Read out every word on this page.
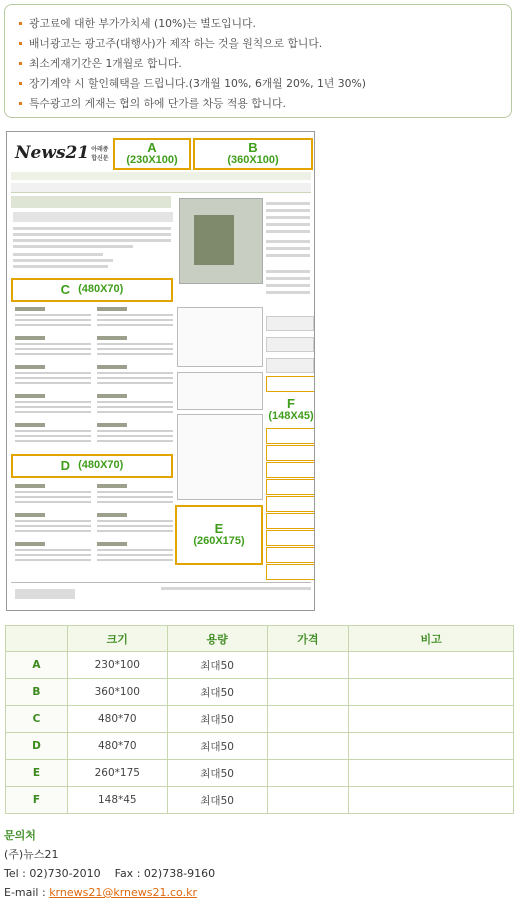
광고료에 대한 부가가치세 (10%)는 별도입니다.
배너광고는 광고주(대행사)가 제작 하는 것을 원칙으로 합니다.
최소게재기간은 1개월로 합니다.
장기계약 시 할인혜택을 드립니다.(3개월 10%, 6개월 20%, 1년 30%)
특수광고의 게재는 협의 하에 단가를 차등 적용 합니다.
News21 아래종합신문
A
(230X100)
B
(360X100)
C (480X70)
D (480X70)
E
(260X175)
F
(148X45)
	크기	용량	가격	비고
A	230*100	최대50		
B	360*100	최대50		
C	480*70	최대50		
D	480*70	최대50		
E	260*175	최대50		
F	148*45	최대50		
문의처
(주)뉴스21
Tel : 02)730-2010 Fax : 02)738-9160
E-mail : krnews21@krnews21.co.kr
